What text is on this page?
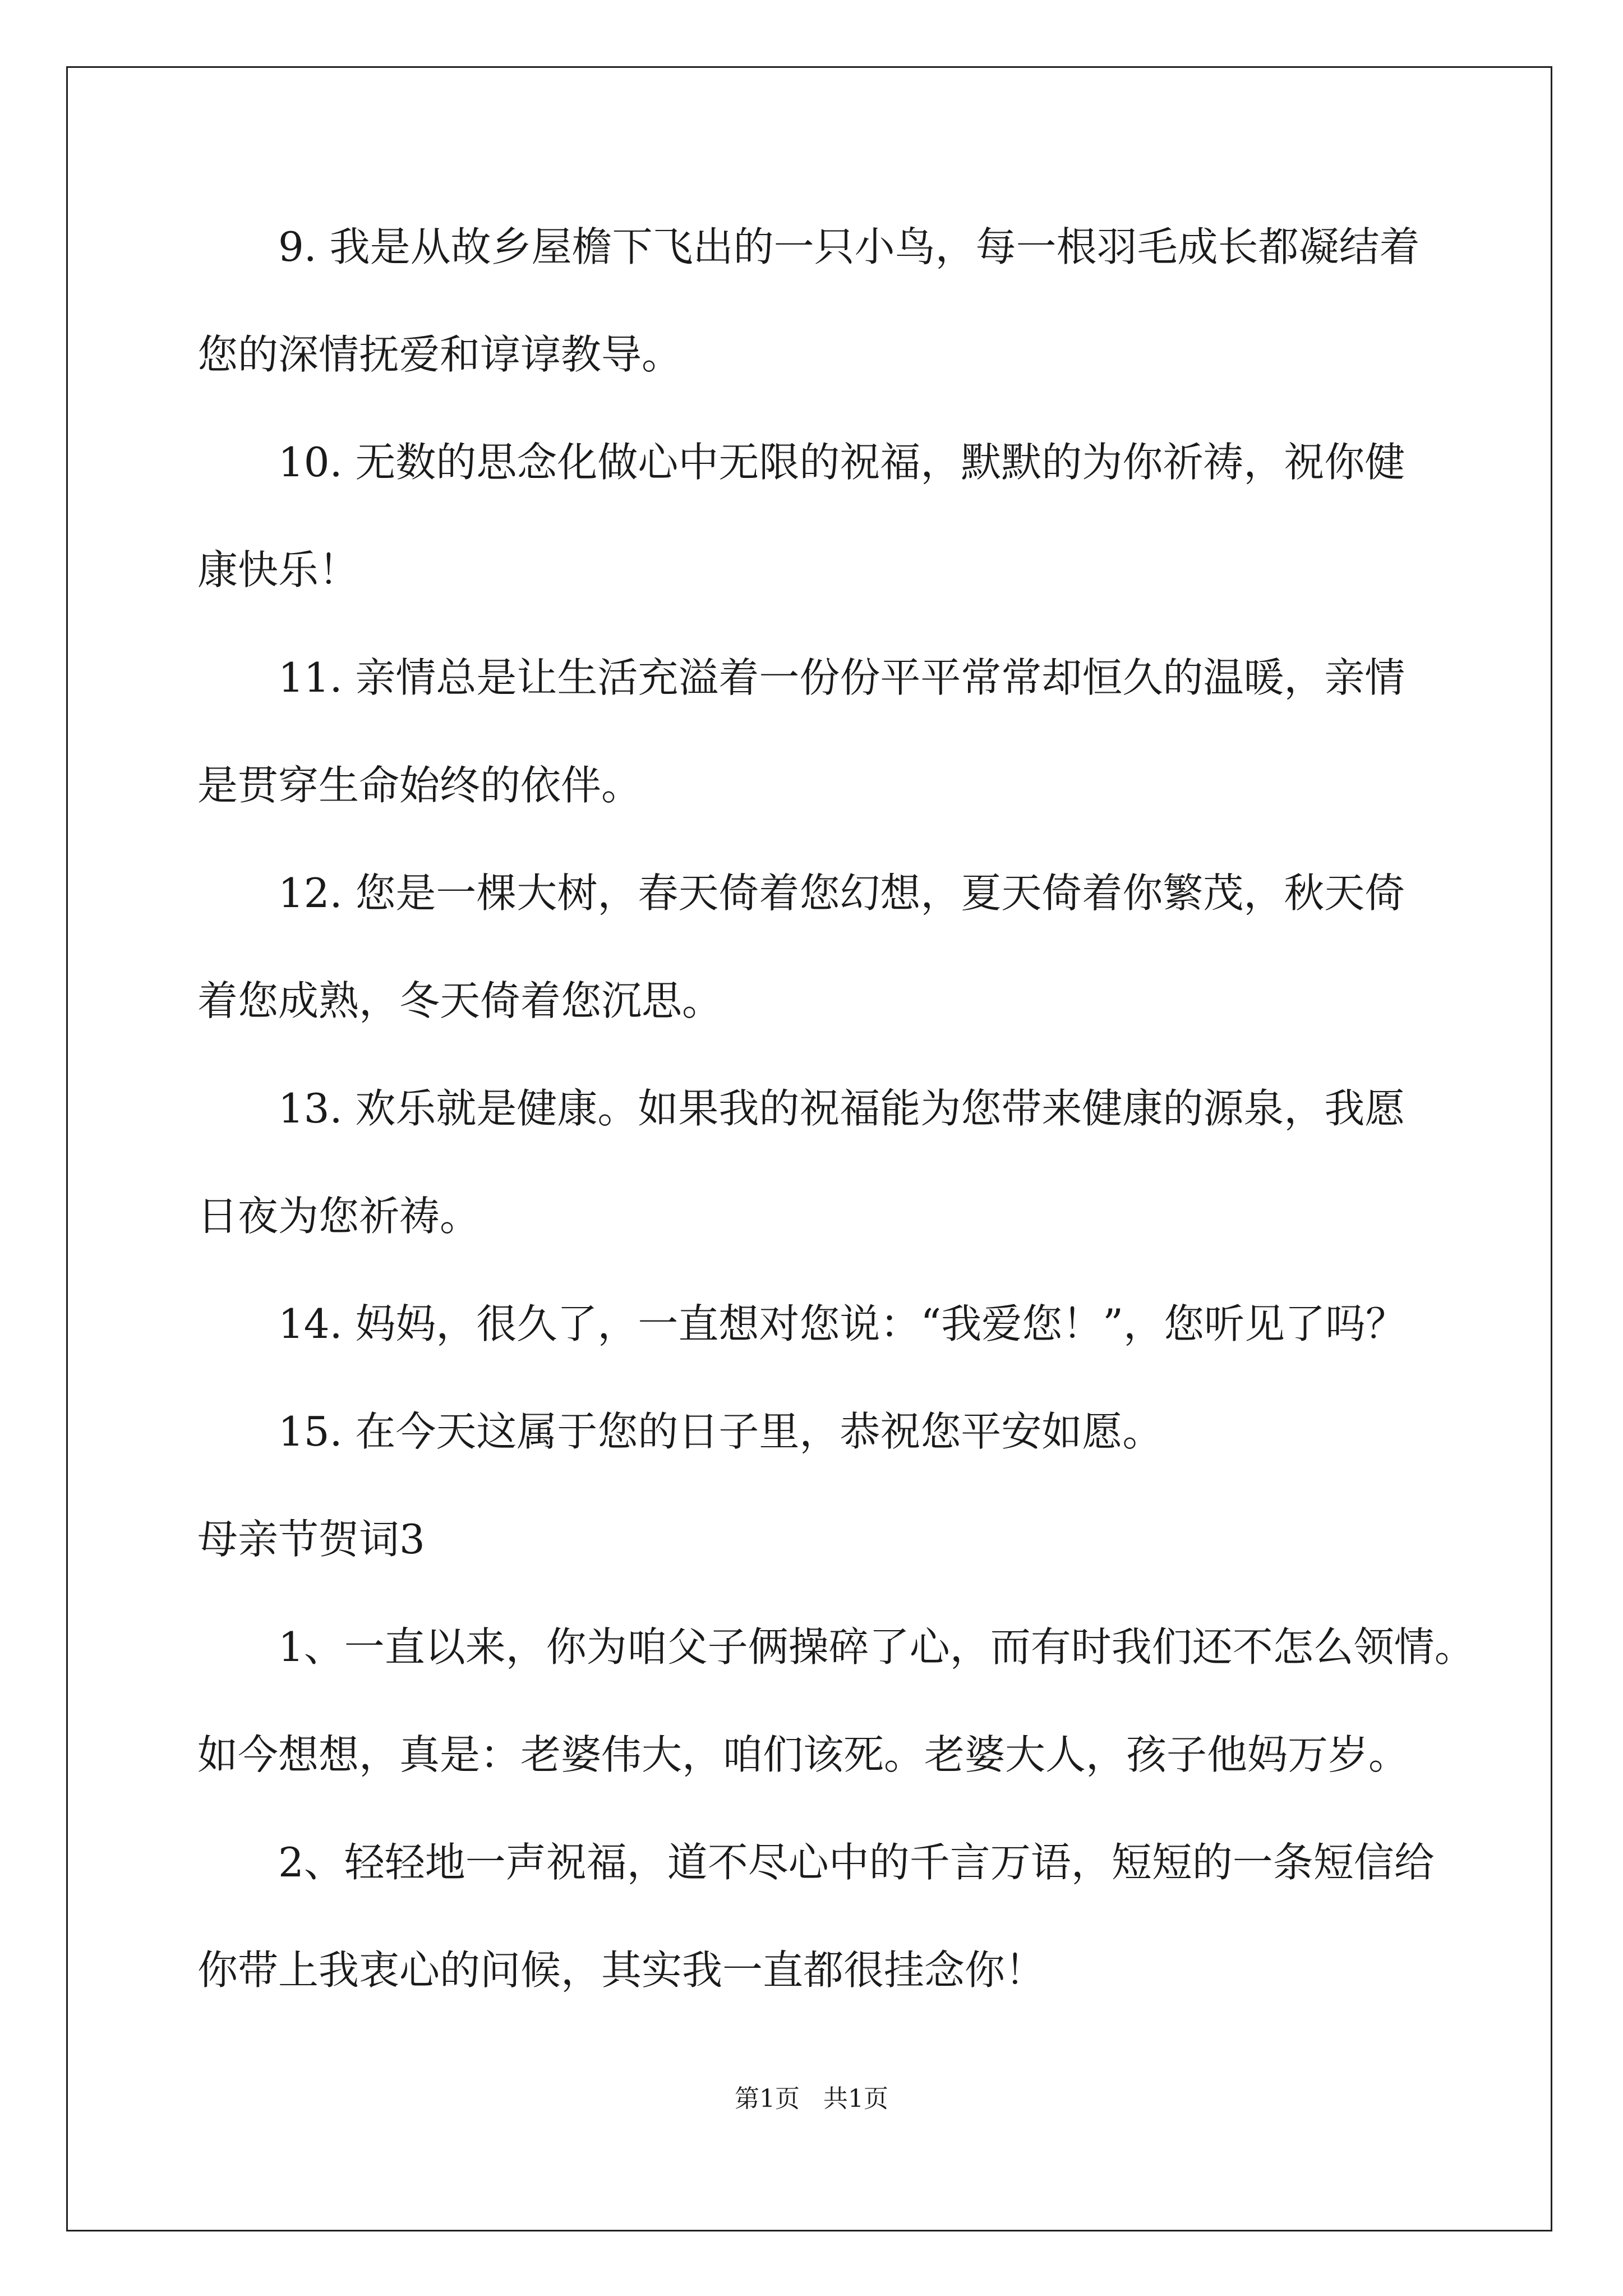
9. 我是从故乡屋檐下飞出的一只小鸟，每一根羽毛成长都凝结着
您的深情抚爱和谆谆教导。
10. 无数的思念化做心中无限的祝福，默默的为你祈祷，祝你健
康快乐！
11. 亲情总是让生活充溢着一份份平平常常却恒久的温暖，亲情
是贯穿生命始终的依伴。
12. 您是一棵大树，春天倚着您幻想，夏天倚着你繁茂，秋天倚
着您成熟，冬天倚着您沉思。
13. 欢乐就是健康。如果我的祝福能为您带来健康的源泉，我愿
日夜为您祈祷。
14. 妈妈，很久了，一直想对您说：“我爱您！”，您听见了吗？
15. 在今天这属于您的日子里，恭祝您平安如愿。
母亲节贺词3
1、一直以来，你为咱父子俩操碎了心，而有时我们还不怎么领情。
如今想想，真是：老婆伟大，咱们该死。老婆大人，孩子他妈万岁。
2、轻轻地一声祝福，道不尽心中的千言万语，短短的一条短信给
你带上我衷心的问候，其实我一直都很挂念你！
第1页   共1页
